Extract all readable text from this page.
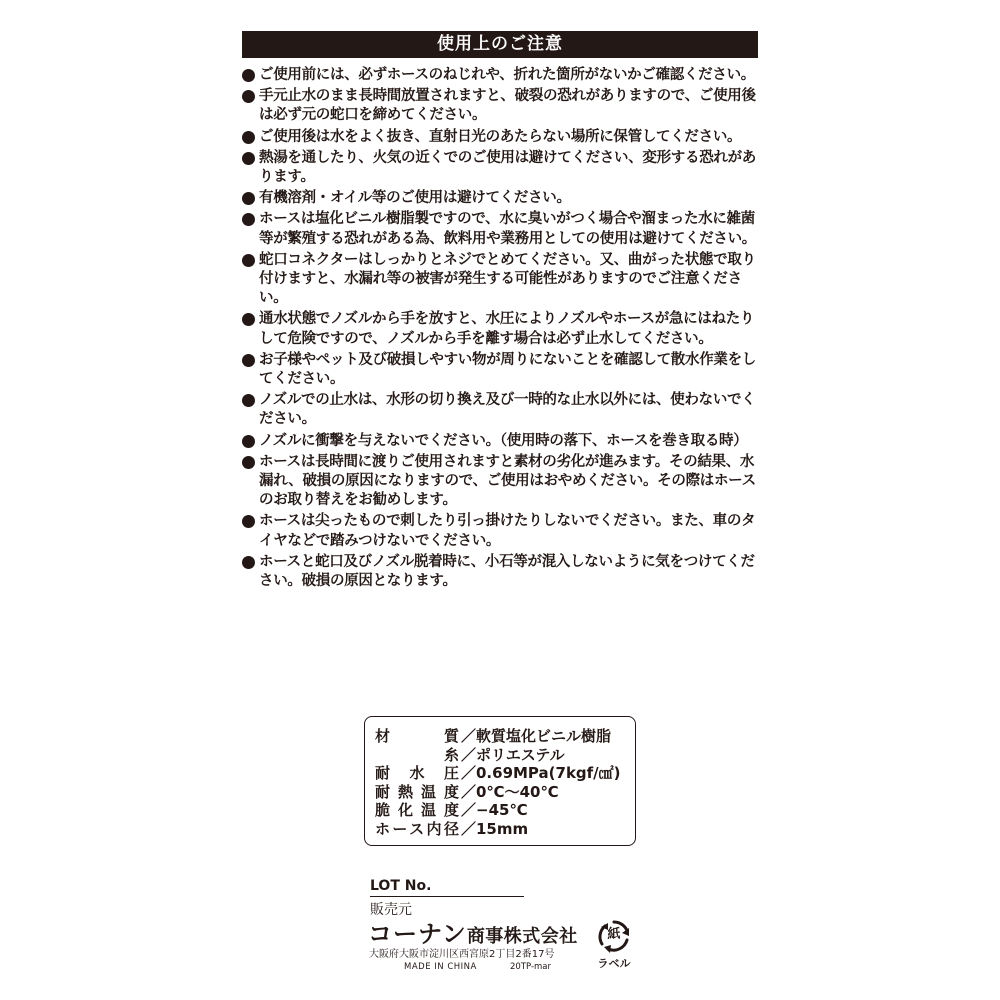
使用上のご注意
ご使用前には、必ずホースのねじれや、折れた箇所がないかご確認ください。
手元止水のまま長時間放置されますと、破裂の恐れがありますので、ご使用後は必ず元の蛇口を締めてください。
ご使用後は水をよく抜き、直射日光のあたらない場所に保管してください。
熱湯を通したり、火気の近くでのご使用は避けてください、変形する恐れがあります。
有機溶剤・オイル等のご使用は避けてください。
ホースは塩化ビニル樹脂製ですので、水に臭いがつく場合や溜まった水に雑菌等が繁殖する恐れがある為、飲料用や業務用としての使用は避けてください。
蛇口コネクターはしっかりとネジでとめてください。又、曲がった状態で取り付けますと、水漏れ等の被害が発生する可能性がありますのでご注意ください。
通水状態でノズルから手を放すと、水圧によりノズルやホースが急にはねたりして危険ですので、ノズルから手を離す場合は必ず止水してください。
お子様やペット及び破損しやすい物が周りにないことを確認して散水作業をしてください。
ノズルでの止水は、水形の切り換え及び一時的な止水以外には、使わないでください。
ノズルに衝撃を与えないでください。（使用時の落下、ホースを巻き取る時）
ホースは長時間に渡りご使用されますと素材の劣化が進みます。その結果、水漏れ、破損の原因になりますので、ご使用はおやめください。その際はホースのお取り替えをお勧めします。
ホースは尖ったもので刺したり引っ掛けたりしないでください。また、車のタイヤなどで踏みつけないでください。
ホースと蛇口及びノズル脱着時に、小石等が混入しないように気をつけてください。破損の原因となります。
材　　質 ／軟質塩化ビニル樹脂
　　糸 ／ポリエステル
耐 水 圧 ／0.69MPa(7kgf/㎠)
耐熱温度 ／0℃～40℃
脆化温度 ／−45℃
ホース内径 ／15mm
LOT No.
販売元
コーナン商事株式会社
大阪府大阪市淀川区西宮原2丁目2番17号
MADE IN CHINA	20TP-mar
紙
ラベル
